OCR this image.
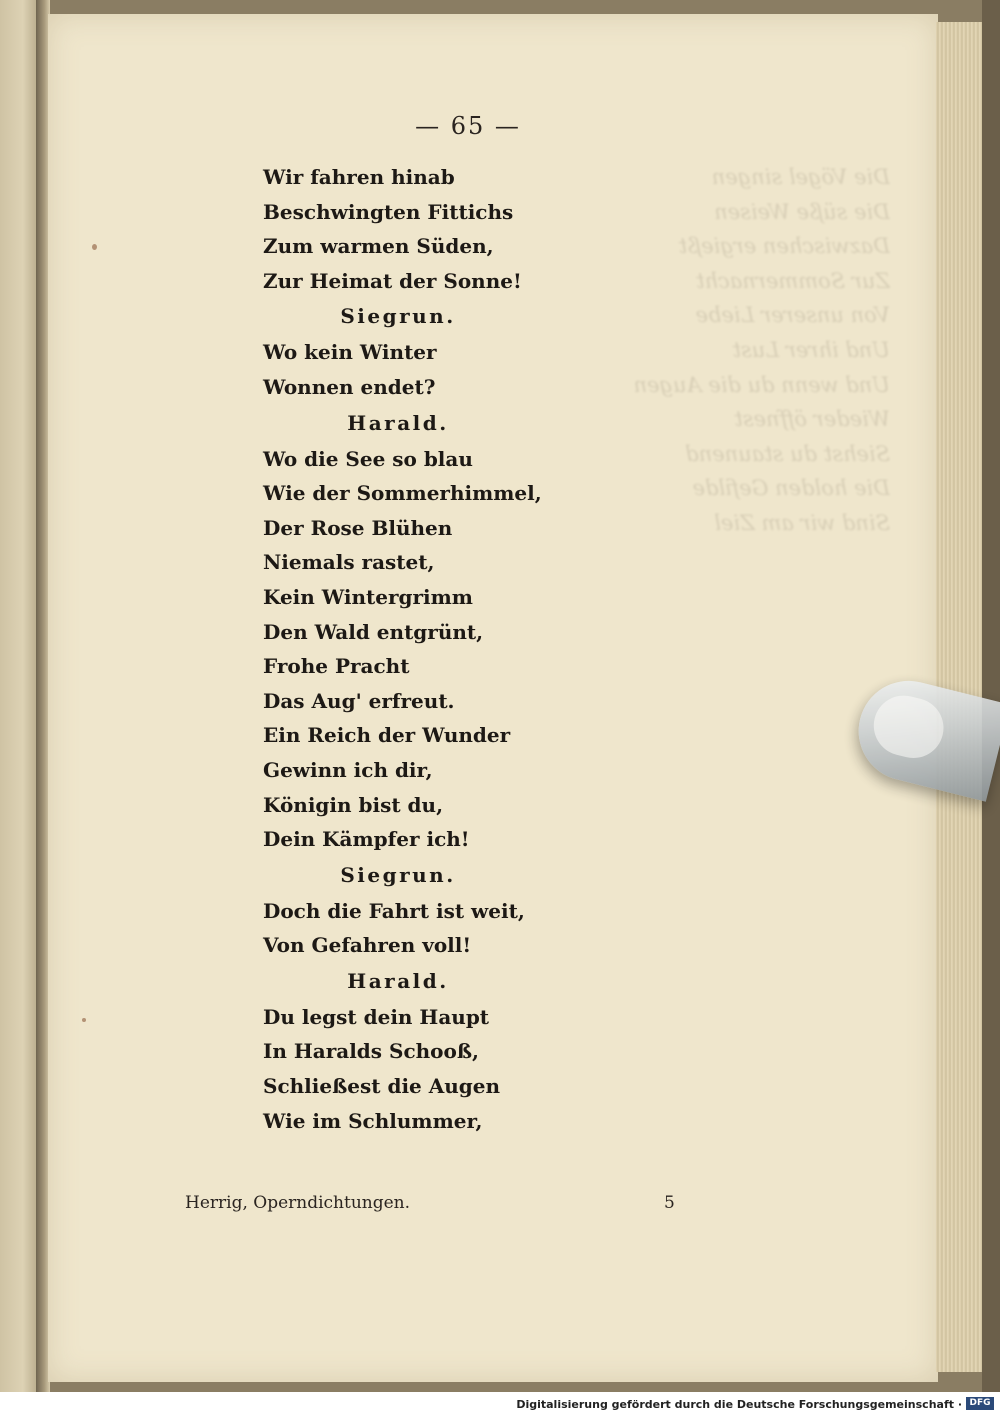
Die Vögel singen
Die süße Weisen
Dazwischen ergießt
Zur Sommernacht
Von unserer Liebe
Und ihrer Lust
Und wenn du die Augen
Wieder öffnest
Siehst du staunend
Die holden Gefilde
Sind wir am Ziel
— 65 —
Wir fahren hinab
Beschwingten Fittichs
Zum warmen Süden,
Zur Heimat der Sonne!
Siegrun.
Wo kein Winter
Wonnen endet?
Harald.
Wo die See so blau
Wie der Sommerhimmel,
Der Rose Blühen
Niemals rastet,
Kein Wintergrimm
Den Wald entgrünt,
Frohe Pracht
Das Aug' erfreut.
Ein Reich der Wunder
Gewinn ich dir,
Königin bist du,
Dein Kämpfer ich!
Siegrun.
Doch die Fahrt ist weit,
Von Gefahren voll!
Harald.
Du legst dein Haupt
In Haralds Schooß,
Schließest die Augen
Wie im Schlummer,
Herrig, Operndichtungen.	5
Digitalisierung gefördert durch die Deutsche Forschungsgemeinschaft · DFG
